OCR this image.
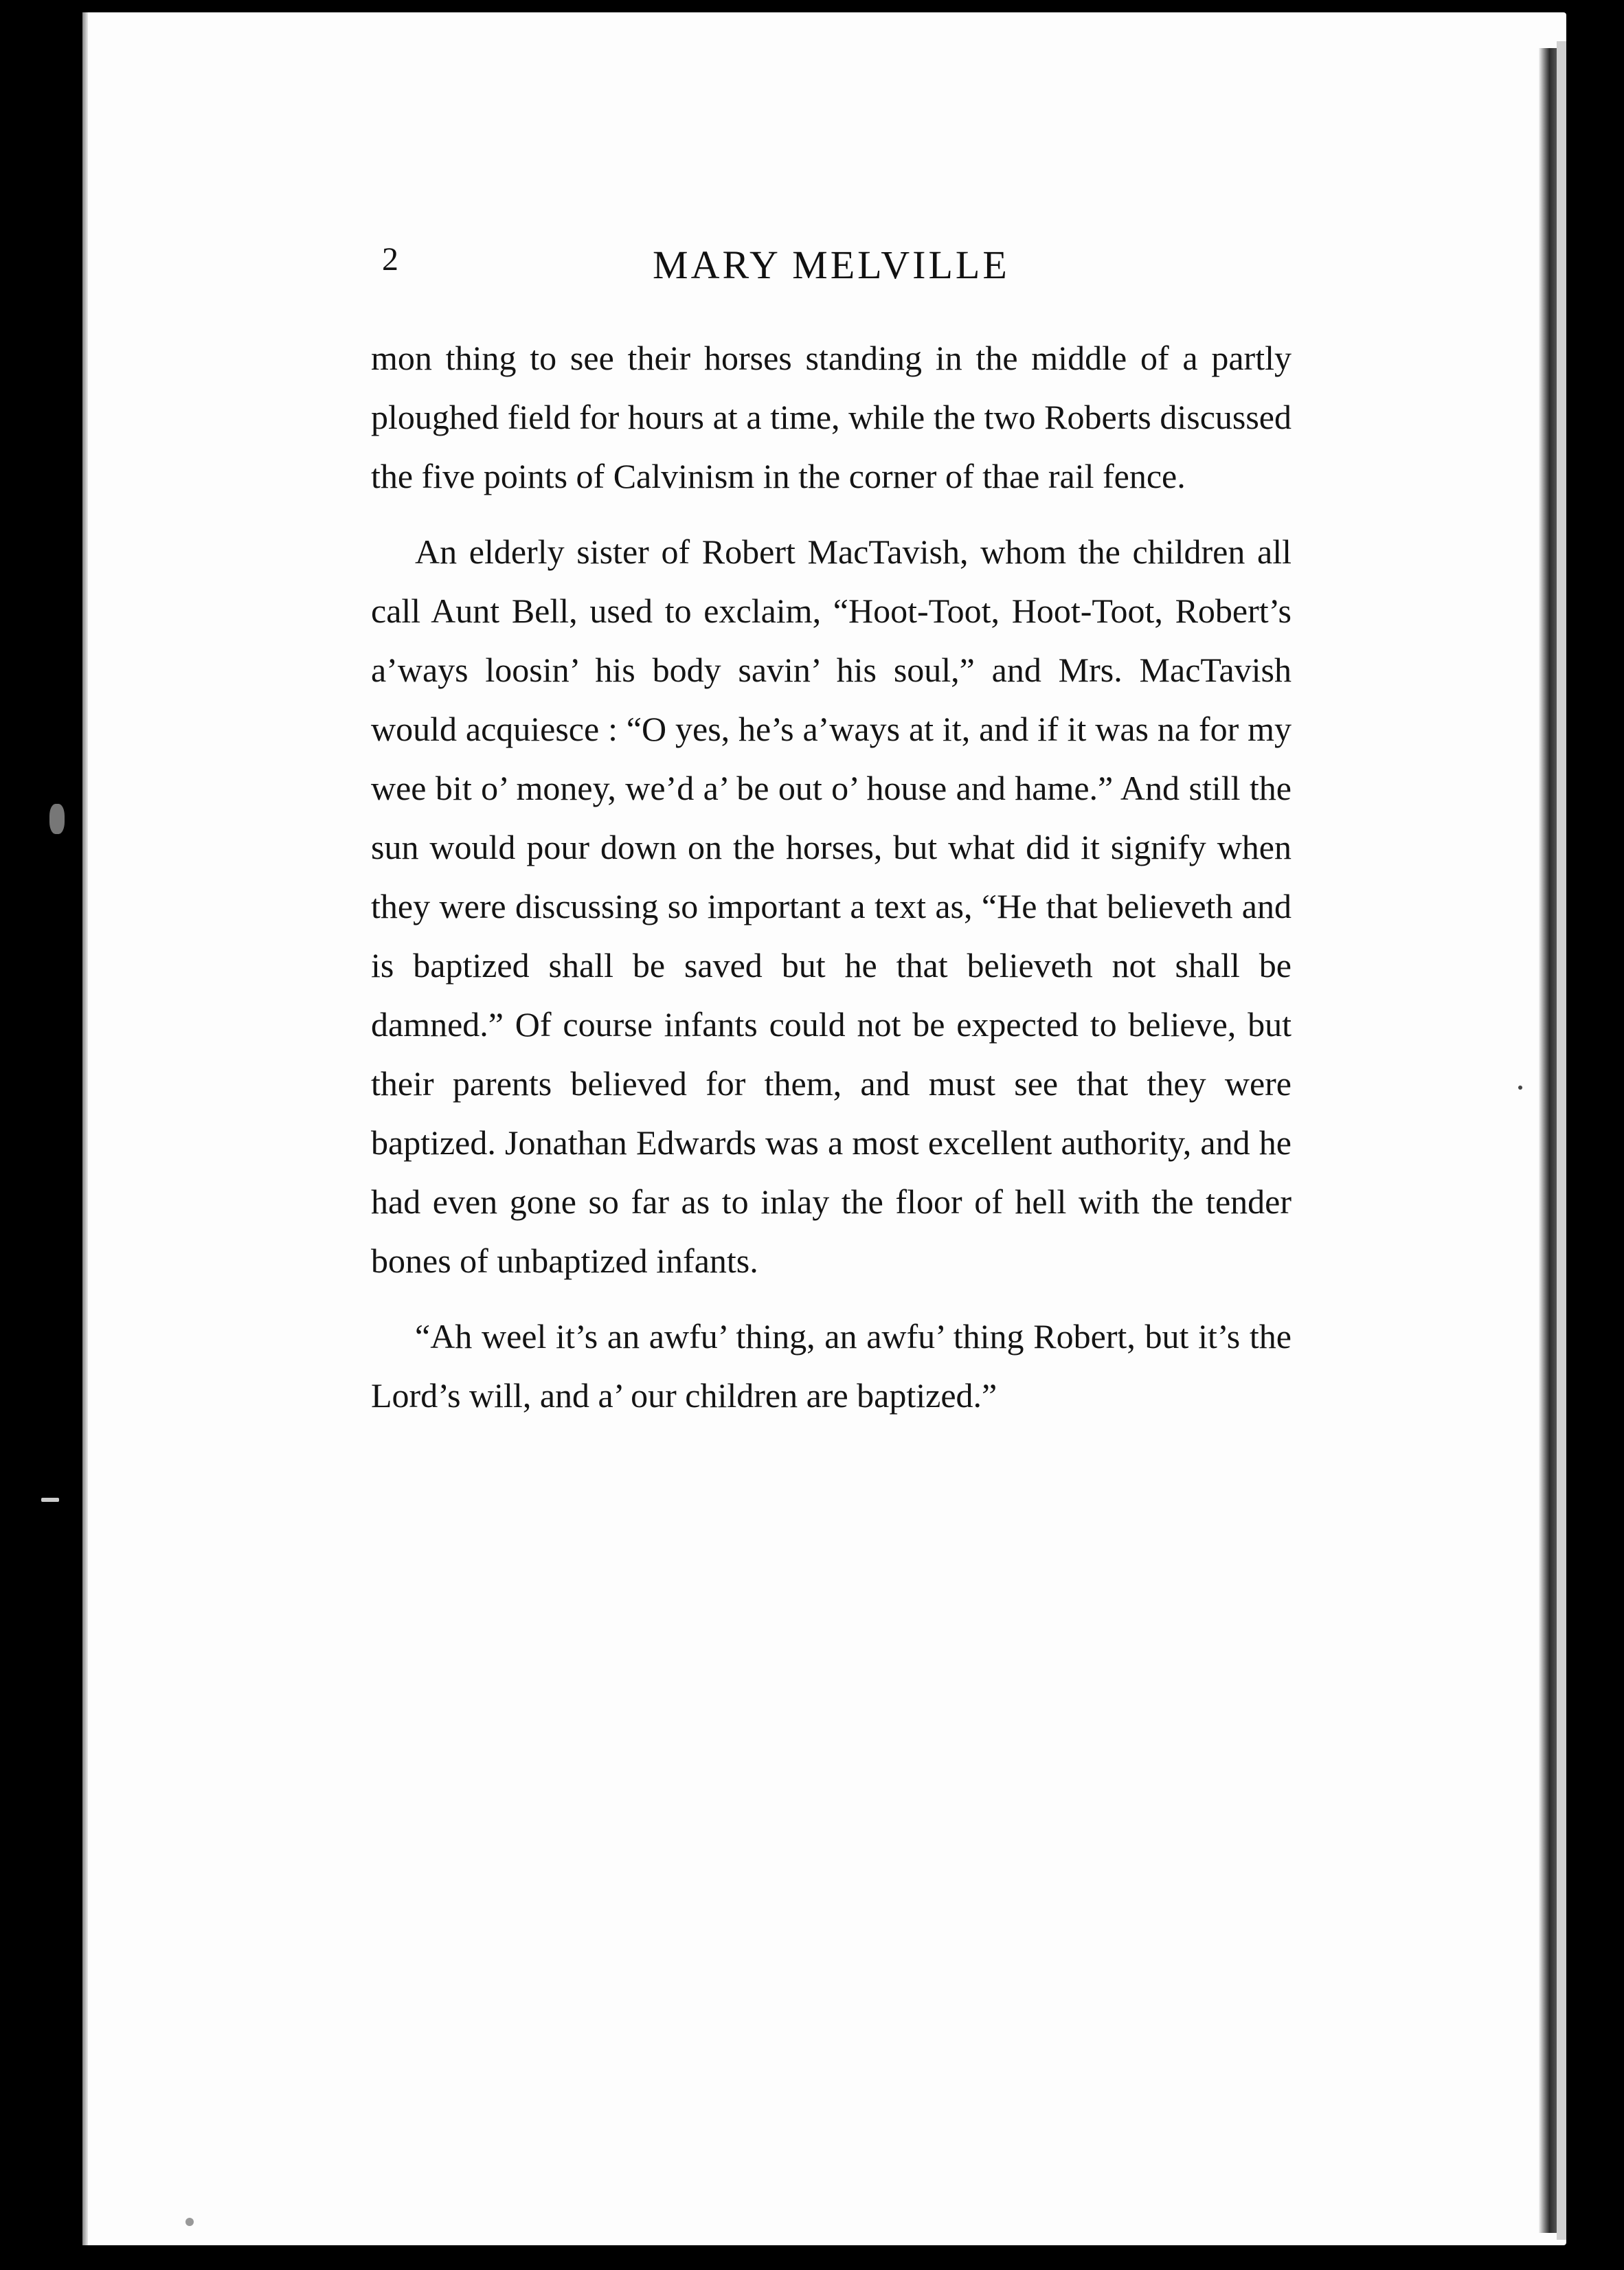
2	MARY MELVILLE

mon thing to see their horses standing in the middle of a partly ploughed field for hours at a time, while the two Roberts discussed the five points of Calvinism in the corner of thae rail fence.

An elderly sister of Robert MacTavish, whom the children all call Aunt Bell, used to exclaim, “Hoot-Toot, Hoot-Toot, Robert’s a’ways loosin’ his body savin’ his soul,” and Mrs. MacTavish would acquiesce : “O yes, he’s a’ways at it, and if it was na for my wee bit o’ money, we’d a’ be out o’ house and hame.” And still the sun would pour down on the horses, but what did it signify when they were discussing so important a text as, “He that believeth and is baptized shall be saved but he that believeth not shall be damned.” Of course infants could not be expected to believe, but their parents believed for them, and must see that they were baptized. Jonathan Edwards was a most excellent authority, and he had even gone so far as to inlay the floor of hell with the tender bones of unbaptized infants.

“Ah weel it’s an awfu’ thing, an awfu’ thing Robert, but it’s the Lord’s will, and a’ our children are baptized.”
